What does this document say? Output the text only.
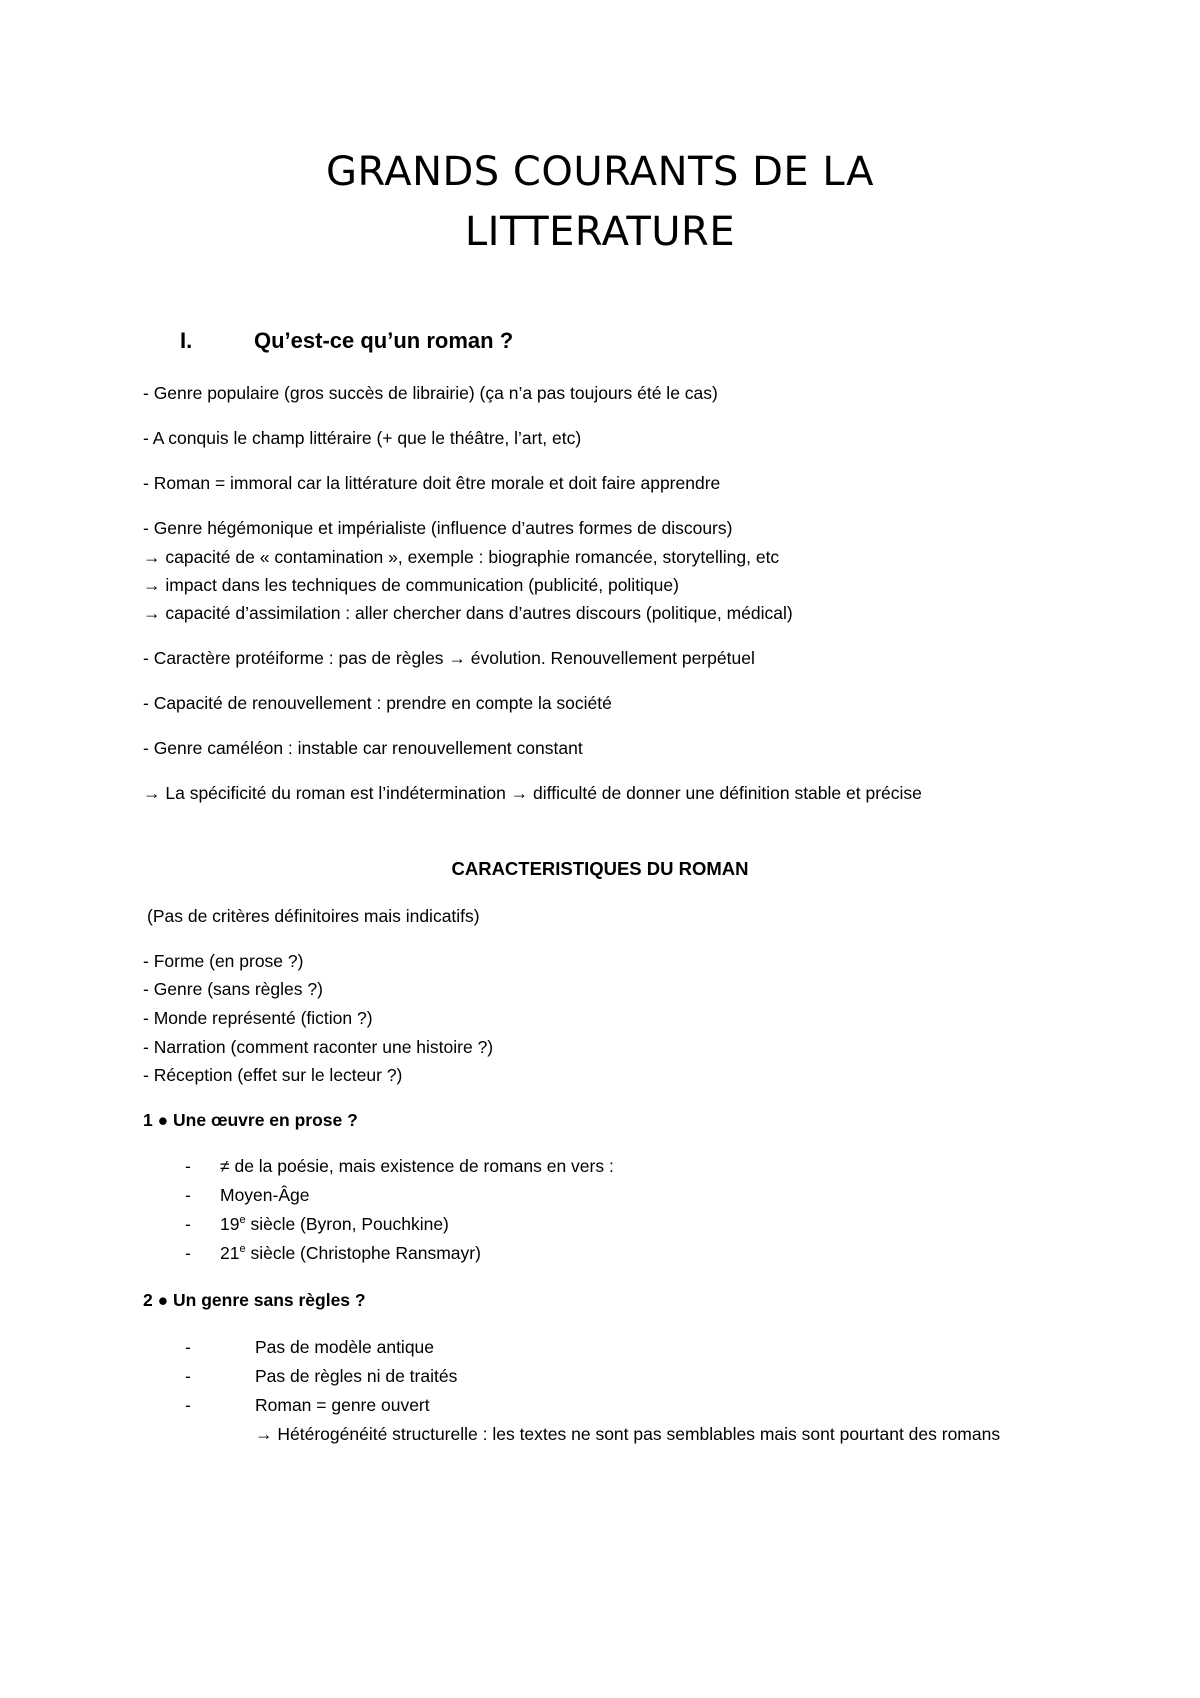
GRANDS COURANTS DE LA
LITTERATURE
I.	Qu’est-ce qu’un roman ?
- Genre populaire (gros succès de librairie) (ça n’a pas toujours été le cas)
- A conquis le champ littéraire (+ que le théâtre, l’art, etc)
- Roman = immoral car la littérature doit être morale et doit faire apprendre
- Genre hégémonique et impérialiste (influence d’autres formes de discours)
→ capacité de « contamination », exemple : biographie romancée, storytelling, etc
→ impact dans les techniques de communication (publicité, politique)
→ capacité d’assimilation : aller chercher dans d’autres discours (politique, médical)
- Caractère protéiforme : pas de règles → évolution. Renouvellement perpétuel
- Capacité de renouvellement : prendre en compte la société
- Genre caméléon : instable car renouvellement constant
→ La spécificité du roman est l’indétermination → difficulté de donner une définition stable et précise
CARACTERISTIQUES DU ROMAN
(Pas de critères définitoires mais indicatifs)
- Forme (en prose ?)
- Genre (sans règles ?)
- Monde représenté (fiction ?)
- Narration (comment raconter une histoire ?)
- Réception (effet sur le lecteur ?)
1 ● Une œuvre en prose ?
- ≠ de la poésie, mais existence de romans en vers :
- Moyen-Âge
- 19e siècle (Byron, Pouchkine)
- 21e siècle (Christophe Ransmayr)
2 ● Un genre sans règles ?
-	Pas de modèle antique
-	Pas de règles ni de traités
-	Roman = genre ouvert
→ Hétérogénéité structurelle : les textes ne sont pas semblables mais sont pourtant des romans
